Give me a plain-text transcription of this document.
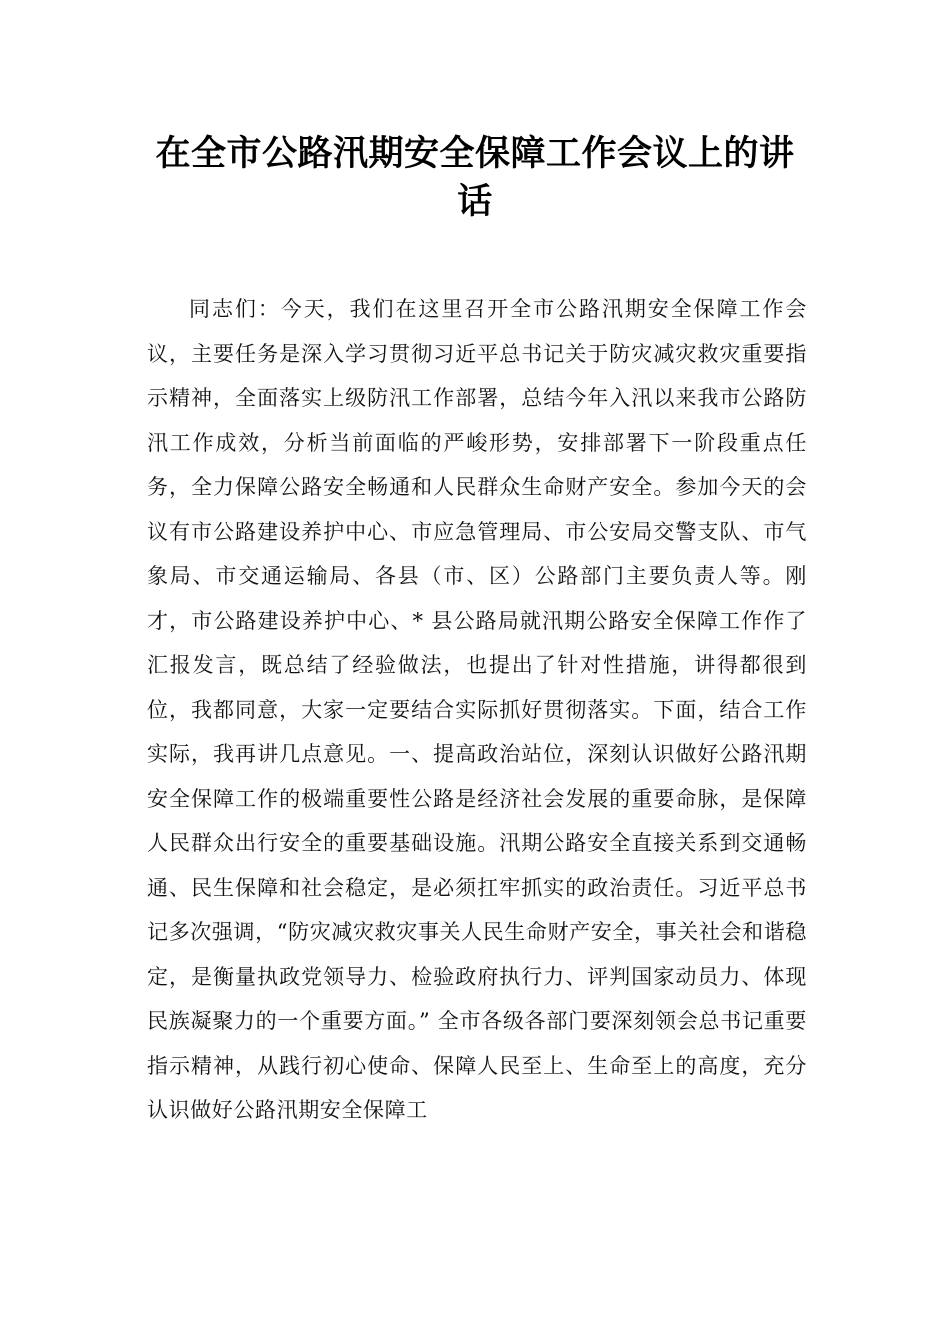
在全市公路汛期安全保障工作会议上的讲话

同志们：今天，我们在这里召开全市公路汛期安全保障工作会议，主要任务是深入学习贯彻习近平总书记关于防灾减灾救灾重要指示精神，全面落实上级防汛工作部署，总结今年入汛以来我市公路防汛工作成效，分析当前面临的严峻形势，安排部署下一阶段重点任务，全力保障公路安全畅通和人民群众生命财产安全。参加今天的会议有市公路建设养护中心、市应急管理局、市公安局交警支队、市气象局、市交通运输局、各县（市、区）公路部门主要负责人等。刚才，市公路建设养护中心、* 县公路局就汛期公路安全保障工作作了汇报发言，既总结了经验做法，也提出了针对性措施，讲得都很到位，我都同意，大家一定要结合实际抓好贯彻落实。下面，结合工作实际，我再讲几点意见。一、提高政治站位，深刻认识做好公路汛期安全保障工作的极端重要性公路是经济社会发展的重要命脉，是保障人民群众出行安全的重要基础设施。汛期公路安全直接关系到交通畅通、民生保障和社会稳定，是必须扛牢抓实的政治责任。习近平总书记多次强调，“防灾减灾救灾事关人民生命财产安全，事关社会和谐稳定，是衡量执政党领导力、检验政府执行力、评判国家动员力、体现民族凝聚力的一个重要方面。” 全市各级各部门要深刻领会总书记重要指示精神，从践行初心使命、保障人民至上、生命至上的高度，充分认识做好公路汛期安全保障工
